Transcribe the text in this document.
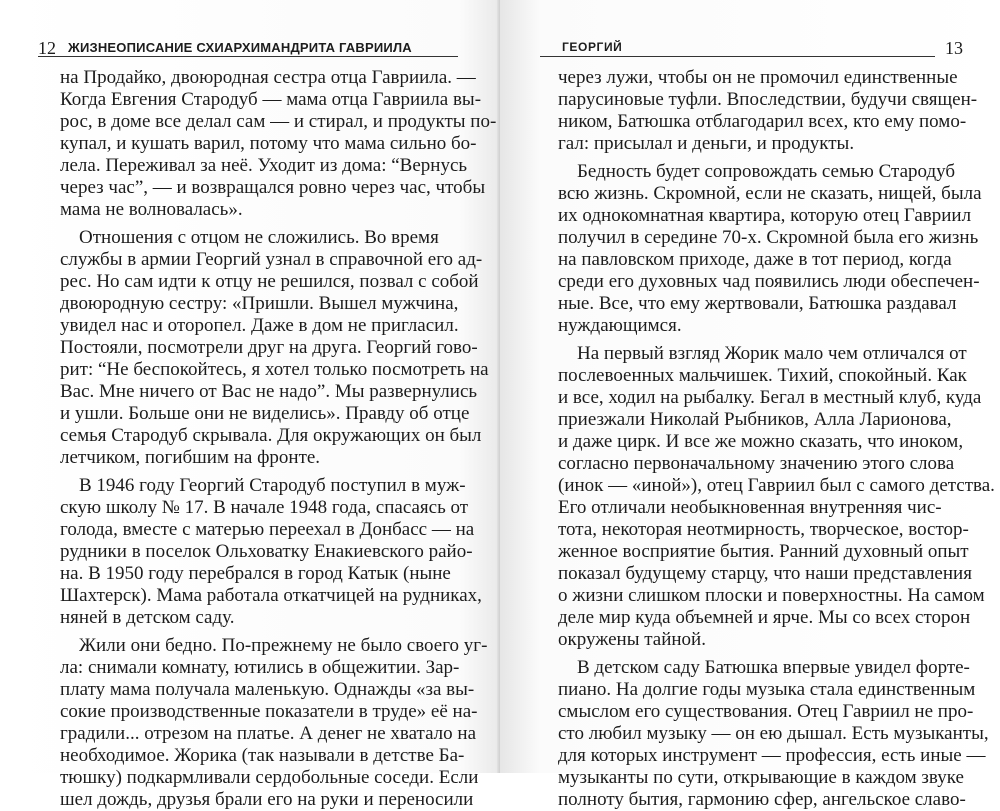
12 ЖИЗНЕОПИСАНИЕ СХИАРХИМАНДРИТА ГАВРИИЛА
на Продайко, двоюродная сестра отца Гавриила. —
Когда Евгения Стародуб — мама отца Гавриила вы-
рос, в доме все делал сам — и стирал, и продукты по-
купал, и кушать варил, потому что мама сильно бо-
лела. Переживал за неё. Уходит из дома: “Вернусь
через час”, — и возвращался ровно через час, чтобы
мама не волновалась».
Отношения с отцом не сложились. Во время
службы в армии Георгий узнал в справочной его ад-
рес. Но сам идти к отцу не решился, позвал с собой
двоюродную сестру: «Пришли. Вышел мужчина,
увидел нас и оторопел. Даже в дом не пригласил.
Постояли, посмотрели друг на друга. Георгий гово-
рит: “Не беспокойтесь, я хотел только посмотреть на
Вас. Мне ничего от Вас не надо”. Мы развернулись
и ушли. Больше они не виделись». Правду об отце
семья Стародуб скрывала. Для окружающих он был
летчиком, погибшим на фронте.
В 1946 году Георгий Стародуб поступил в муж-
скую школу № 17. В начале 1948 года, спасаясь от
голода, вместе с матерью переехал в Донбасс — на
рудники в поселок Ольховатку Енакиевского райо-
на. В 1950 году перебрался в город Катык (ныне
Шахтерск). Мама работала откатчицей на рудниках,
няней в детском саду.
Жили они бедно. По-прежнему не было своего уг-
ла: снимали комнату, ютились в общежитии. Зар-
плату мама получала маленькую. Однажды «за вы-
сокие производственные показатели в труде» её на-
градили... отрезом на платье. А денег не хватало на
необходимое. Жорика (так называли в детстве Ба-
тюшку) подкармливали сердобольные соседи. Если
шел дождь, друзья брали его на руки и переносили
ГЕОРГИЙ	13
через лужи, чтобы он не промочил единственные
парусиновые туфли. Впоследствии, будучи священ-
ником, Батюшка отблагодарил всех, кто ему помо-
гал: присылал и деньги, и продукты.
Бедность будет сопровождать семью Стародуб
всю жизнь. Скромной, если не сказать, нищей, была
их однокомнатная квартира, которую отец Гавриил
получил в середине 70-х. Скромной была его жизнь
на павловском приходе, даже в тот период, когда
среди его духовных чад появились люди обеспечен-
ные. Все, что ему жертвовали, Батюшка раздавал
нуждающимся.
На первый взгляд Жорик мало чем отличался от
послевоенных мальчишек. Тихий, спокойный. Как
и все, ходил на рыбалку. Бегал в местный клуб, куда
приезжали Николай Рыбников, Алла Ларионова,
и даже цирк. И все же можно сказать, что иноком,
согласно первоначальному значению этого слова
(инок — «иной»), отец Гавриил был с самого детства.
Его отличали необыкновенная внутренняя чис-
тота, некоторая неотмирность, творческое, востор-
женное восприятие бытия. Ранний духовный опыт
показал будущему старцу, что наши представления
о жизни слишком плоски и поверхностны. На самом
деле мир куда объемней и ярче. Мы со всех сторон
окружены тайной.
В детском саду Батюшка впервые увидел форте-
пиано. На долгие годы музыка стала единственным
смыслом его существования. Отец Гавриил не про-
сто любил музыку — он ею дышал. Есть музыканты,
для которых инструмент — профессия, есть иные —
музыканты по сути, открывающие в каждом звуке
полноту бытия, гармонию сфер, ангельское славо-
